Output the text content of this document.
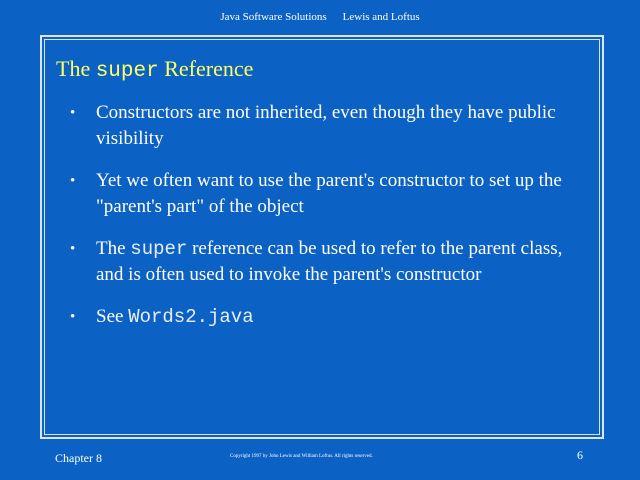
Java Software Solutions Lewis and Loftus
The super Reference
• Constructors are not inherited, even though they have public visibility
• Yet we often want to use the parent's constructor to set up the "parent's part" of the object
• The super reference can be used to refer to the parent class, and is often used to invoke the parent's constructor
• See Words2.java
Chapter 8	Copyright 1997 by John Lewis and William Loftus. All rights reserved.	6
